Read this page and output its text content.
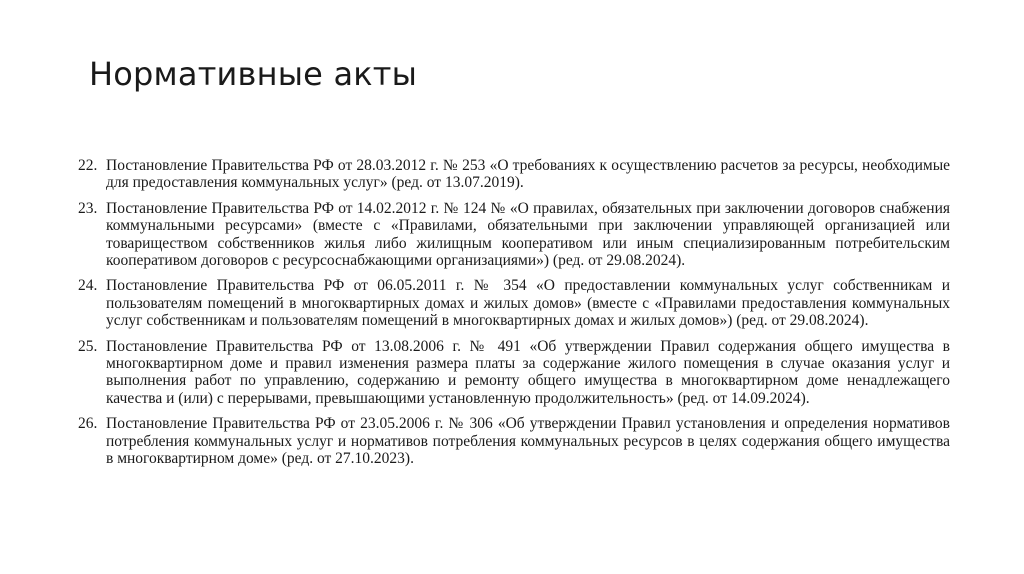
Нормативные акты
22. Постановление Правительства РФ от 28.03.2012 г. № 253 «О требованиях к осуществлению расчетов за ресурсы, необходимые для предоставления коммунальных услуг» (ред. от 13.07.2019).
23. Постановление Правительства РФ от 14.02.2012 г. № 124 № «О правилах, обязательных при заключении договоров снабжения коммунальными ресурсами» (вместе с «Правилами, обязательными при заключении управляющей организацией или товариществом собственников жилья либо жилищным кооперативом или иным специализированным потребительским кооперативом договоров с ресурсоснабжающими организациями») (ред. от 29.08.2024).
24. Постановление Правительства РФ от 06.05.2011 г. № 354 «О предоставлении коммунальных услуг собственникам и пользователям помещений в многоквартирных домах и жилых домов» (вместе с «Правилами предоставления коммунальных услуг собственникам и пользователям помещений в многоквартирных домах и жилых домов») (ред. от 29.08.2024).
25. Постановление Правительства РФ от 13.08.2006 г. № 491 «Об утверждении Правил содержания общего имущества в многоквартирном доме и правил изменения размера платы за содержание жилого помещения в случае оказания услуг и выполнения работ по управлению, содержанию и ремонту общего имущества в многоквартирном доме ненадлежащего качества и (или) с перерывами, превышающими установленную продолжительность» (ред. от 14.09.2024).
26. Постановление Правительства РФ от 23.05.2006 г. № 306 «Об утверждении Правил установления и определения нормативов потребления коммунальных услуг и нормативов потребления коммунальных ресурсов в целях содержания общего имущества в многоквартирном доме» (ред. от 27.10.2023).
